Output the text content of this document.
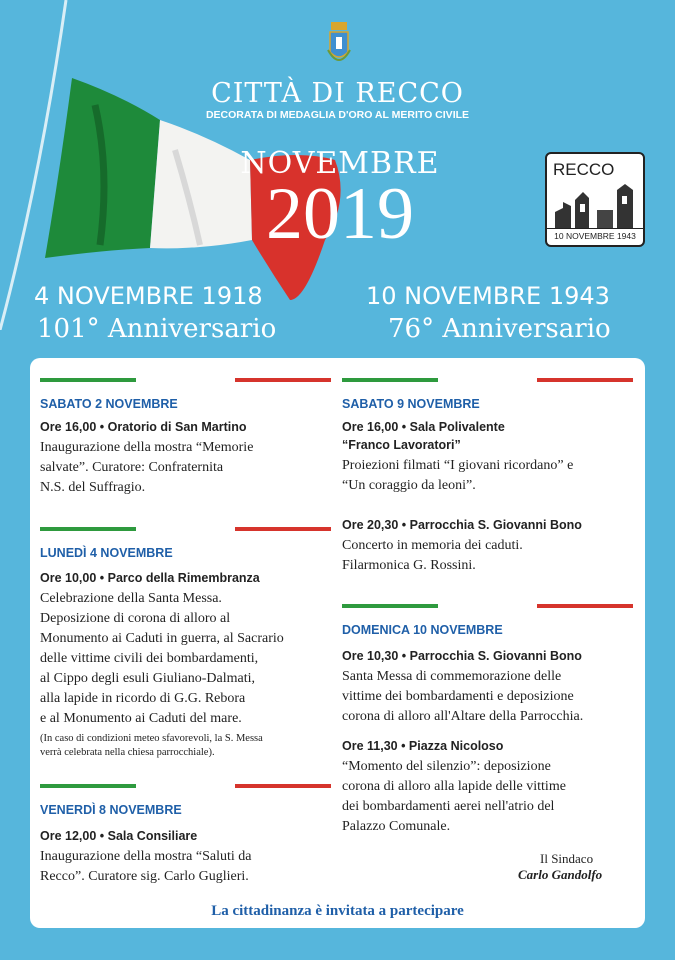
CITTÀ DI RECCO
DECORATA DI MEDAGLIA D'ORO AL MERITO CIVILE
NOVEMBRE
2019
RECCO
10 NOVEMBRE 1943
4 NOVEMBRE 1918
101° Anniversario
10 NOVEMBRE 1943
76° Anniversario
SABATO 2 NOVEMBRE
Ore 16,00 • Oratorio di San Martino
Inaugurazione della mostra “Memorie
salvate”. Curatore: Confraternita
N.S. del Suffragio.
LUNEDÌ 4 NOVEMBRE
Ore 10,00 • Parco della Rimembranza
Celebrazione della Santa Messa.
Deposizione di corona di alloro al
Monumento ai Caduti in guerra, al Sacrario
delle vittime civili dei bombardamenti,
al Cippo degli esuli Giuliano-Dalmati,
alla lapide in ricordo di G.G. Rebora
e al Monumento ai Caduti del mare.
(In caso di condizioni meteo sfavorevoli, la S. Messa
verrà celebrata nella chiesa parrocchiale).
VENERDÌ 8 NOVEMBRE
Ore 12,00 • Sala Consiliare
Inaugurazione della mostra “Saluti da
Recco”. Curatore sig. Carlo Guglieri.
SABATO 9 NOVEMBRE
Ore 16,00 • Sala Polivalente
“Franco Lavoratori”
Proiezioni filmati “I giovani ricordano” e
“Un coraggio da leoni”.
Ore 20,30 • Parrocchia S. Giovanni Bono
Concerto in memoria dei caduti.
Filarmonica G. Rossini.
DOMENICA 10 NOVEMBRE
Ore 10,30 • Parrocchia S. Giovanni Bono
Santa Messa di commemorazione delle
vittime dei bombardamenti e deposizione
corona di alloro all'Altare della Parrocchia.
Ore 11,30 • Piazza Nicoloso
“Momento del silenzio”: deposizione
corona di alloro alla lapide delle vittime
dei bombardamenti aerei nell'atrio del
Palazzo Comunale.
Il Sindaco
Carlo Gandolfo
La cittadinanza è invitata a partecipare
